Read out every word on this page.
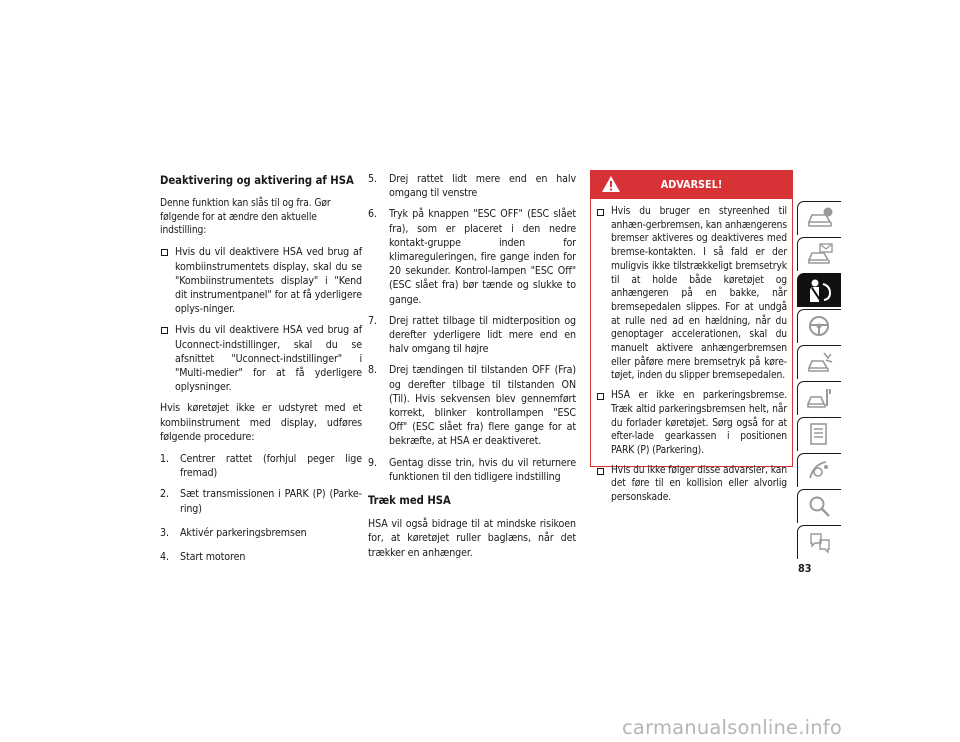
Deaktivering og aktivering af HSA
Denne funktion kan slås til og fra. Gør følgende for at ændre den aktuelle indstilling:
Hvis du vil deaktivere HSA ved brug af kombiinstrumentets display, skal du se "Kombiinstrumentets display" i "Kend dit instrumentpanel" for at få yderligere oplys-ninger.
Hvis du vil deaktivere HSA ved brug af Uconnect-indstillinger, skal du se afsnittet "Uconnect-indstillinger" i "Multi-medier" for at få yderligere oplysninger.

Hvis køretøjet ikke er udstyret med et kombiinstrument med display, udføres følgende procedure:

1. Centrer rattet (forhjul peger lige fremad)
2. Sæt transmissionen i PARK (P) (Parke-ring)
3. Aktivér parkeringsbremsen
4. Start motoren
5. Drej rattet lidt mere end en halv omgang til venstre
6. Tryk på knappen "ESC OFF" (ESC slået fra), som er placeret i den nedre kontakt-gruppe inden for klimareguleringen, fire gange inden for 20 sekunder. Kontrol-lampen "ESC Off" (ESC slået fra) bør tænde og slukke to gange.
7. Drej rattet tilbage til midterposition og derefter yderligere lidt mere end en halv omgang til højre
8. Drej tændingen til tilstanden OFF (Fra) og derefter tilbage til tilstanden ON (Til). Hvis sekvensen blev gennemført korrekt, blinker kontrollampen "ESC Off" (ESC slået fra) flere gange for at bekræfte, at HSA er deaktiveret.
9. Gentag disse trin, hvis du vil returnere funktionen til den tidligere indstilling
Træk med HSA

HSA vil også bidrage til at mindske risikoen for, at køretøjet ruller baglæns, når det trækker en anhænger.

ADVARSEL!
Hvis du bruger en styreenhed til anhæn-gerbremsen, kan anhængerens bremser aktiveres og deaktiveres med bremse-kontakten. I så fald er der muligvis ikke tilstrækkeligt bremsetryk til at holde både køretøjet og anhængeren på en bakke, når bremsepedalen slippes. For at undgå at rulle ned ad en hældning, når du genoptager accelerationen, skal du manuelt aktivere anhængerbremsen eller påføre mere bremsetryk på køre-tøjet, inden du slipper bremsepedalen.
HSA er ikke en parkeringsbremse. Træk altid parkeringsbremsen helt, når du forlader køretøjet. Sørg også for at efter-lade gearkassen i positionen PARK (P) (Parkering).
Hvis du ikke følger disse advarsler, kan det føre til en kollision eller alvorlig personskade.
83
carmanualsonline.info
